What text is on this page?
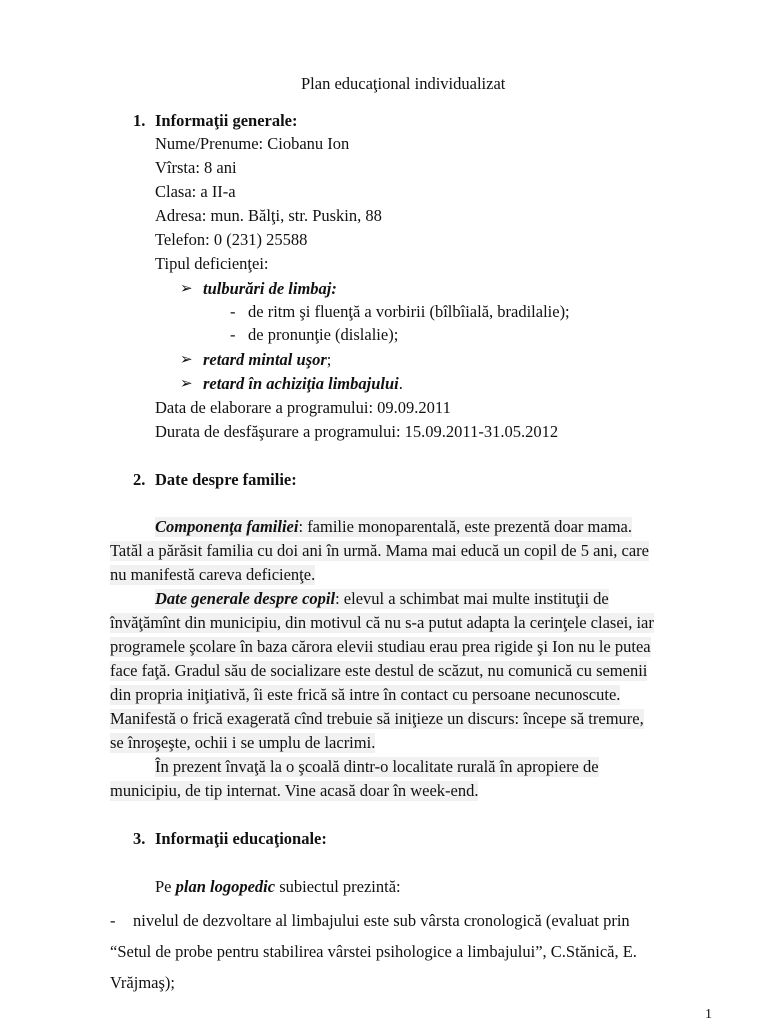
Plan educaţional individualizat
1. Informaţii generale:
Nume/Prenume: Ciobanu Ion
Vîrsta: 8 ani
Clasa: a II-a
Adresa: mun. Bălţi, str. Puskin, 88
Telefon: 0 (231) 25588
Tipul deficienţei:
➢ tulburări de limbaj:
- de ritm şi fluenţă a vorbirii (bîlbîială, bradilalie);
- de pronunţie (dislalie);
➢ retard mintal uşor;
➢ retard în achiziţia limbajului.
Data de elaborare a programului: 09.09.2011
Durata de desfăşurare a programului: 15.09.2011-31.05.2012
2. Date despre familie:
Componenţa familiei: familie monoparentală, este prezentă doar mama.
Tatăl a părăsit familia cu doi ani în urmă. Mama mai educă un copil de 5 ani, care
nu manifestă careva deficienţe.
Date generale despre copil: elevul a schimbat mai multe instituţii de
învăţămînt din municipiu, din motivul că nu s-a putut adapta la cerinţele clasei, iar
programele şcolare în baza cărora elevii studiau erau prea rigide şi Ion nu le putea
face faţă. Gradul său de socializare este destul de scăzut, nu comunică cu semenii
din propria iniţiativă, îi este frică să intre în contact cu persoane necunoscute.
Manifestă o frică exagerată cînd trebuie să iniţieze un discurs: începe să tremure,
se înroşeşte, ochii i se umplu de lacrimi.
În prezent învaţă la o şcoală dintr-o localitate rurală în apropiere de
municipiu, de tip internat. Vine acasă doar în week-end.
3. Informaţii educaţionale:
Pe plan logopedic subiectul prezintă:
- nivelul de dezvoltare al limbajului este sub vârsta cronologică (evaluat prin
“Setul de probe pentru stabilirea vârstei psihologice a limbajului”, C.Stănică, E.
Vrăjmaş);
1
